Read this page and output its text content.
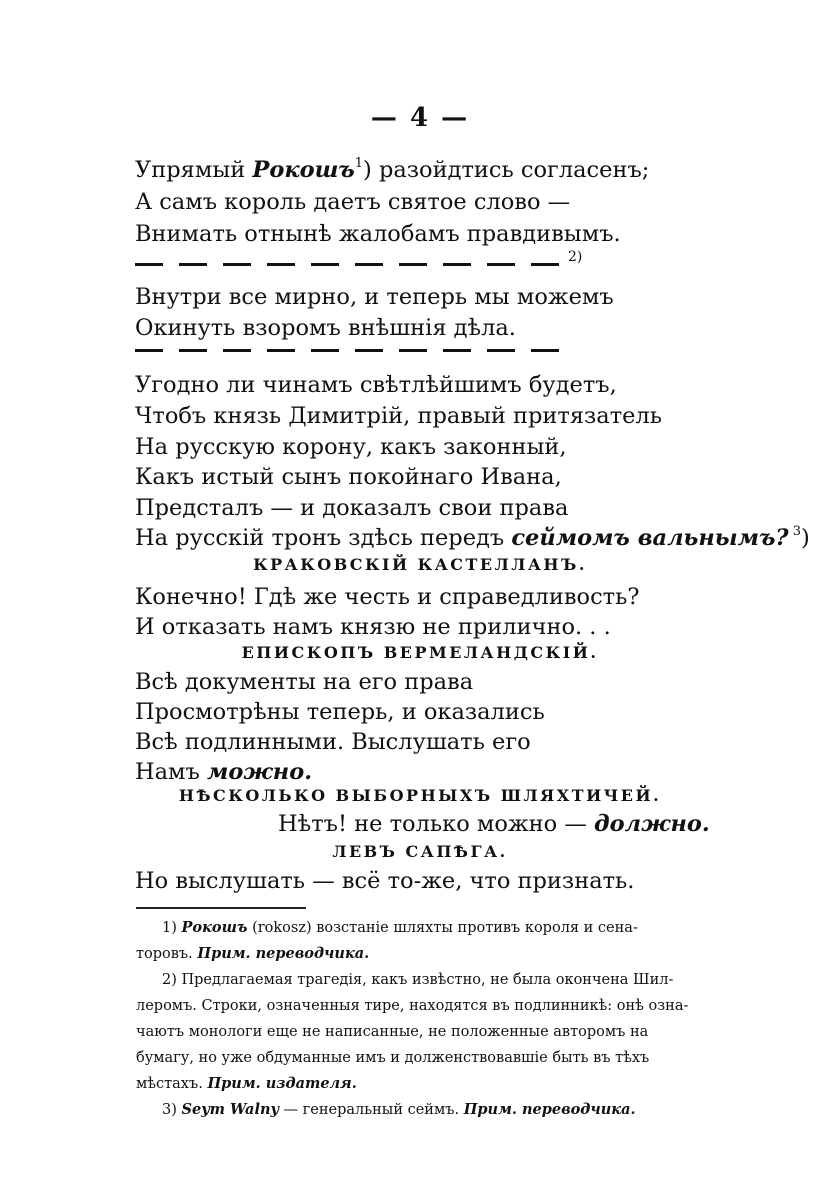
— 4 —
Упрямый Рокошъ$^1$) разойдтись согласенъ;
А самъ король даетъ святое слово —
Внимать отнынѣ жалобамъ правдивымъ.
2)
Внутри все мирно, и теперь мы можемъ
Окинуть взоромъ внѣшнія дѣла.
Угодно ли чинамъ свѣтлѣйшимъ будетъ,
Чтобъ князь Димитрій, правый притязатель
На русскую корону, какъ законный,
Какъ истый сынъ покойнаго Ивана,
Предсталъ — и доказалъ свои права
На русскій тронъ здѣсь передъ сеймомъ вальнымъ? $^3$)
КРАКОВСКІЙ КАСТЕЛЛАНЪ.
Конечно! Гдѣ же честь и справедливость?
И отказать намъ князю не прилично. . .
ЕПИСКОПЪ ВЕРМЕЛАНДСКІЙ.
Всѣ документы на его права
Просмотрѣны теперь, и оказались
Всѣ подлинными. Выслушать его
Намъ можно.
НѢСКОЛЬКО ВЫБОРНЫХЪ ШЛЯХТИЧЕЙ.
Нѣтъ! не только можно — должно.
ЛЕВЪ САПѢГА.
Но выслушать — всё то-же, что признать.
1) Рокошъ (rokosz) возстаніе шляхты противъ короля и сена-
торовъ. Прим. переводчика.
2) Предлагаемая трагедія, какъ извѣстно, не была окончена Шил-
леромъ. Строки, означенныя тире, находятся въ подлинникѣ: онѣ озна-
чаютъ монологи еще не написанные, не положенные авторомъ на
бумагу, но уже обдуманные имъ и долженствовавшіе быть въ тѣхъ
мѣстахъ. Прим. издателя.
3) Seym Walny — генеральный сеймъ. Прим. переводчика.
